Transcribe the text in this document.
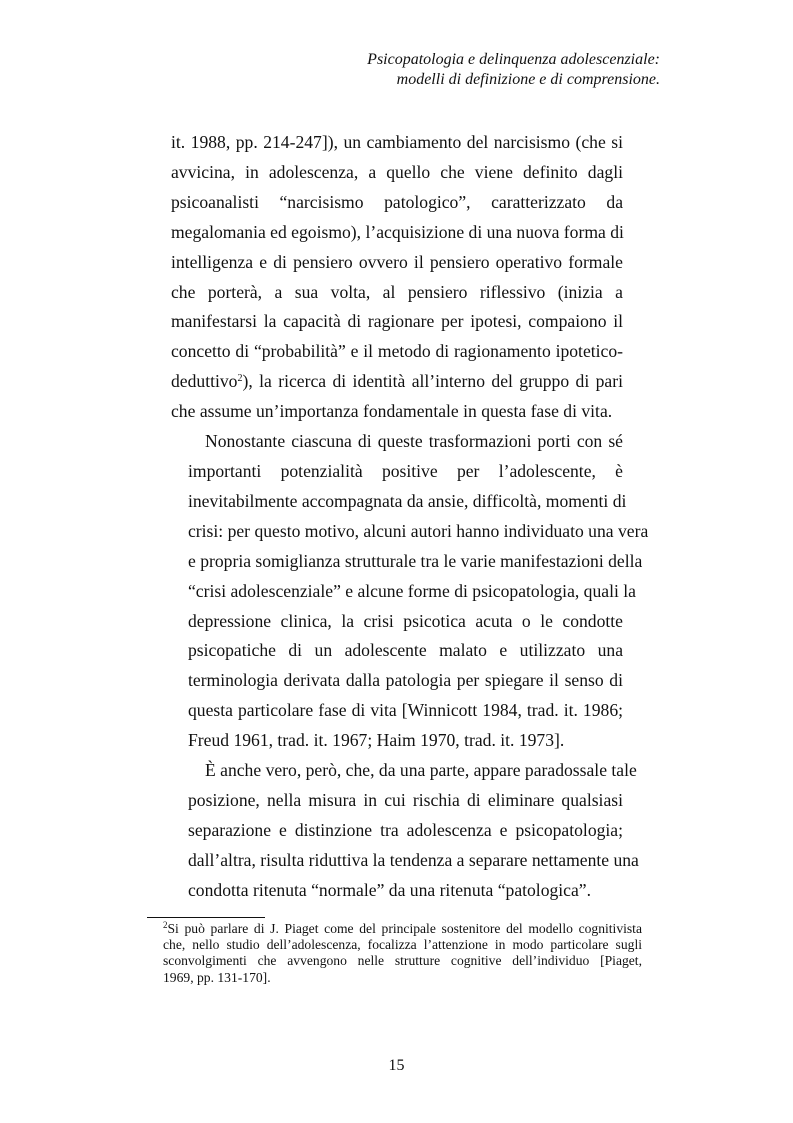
Psicopatologia e delinquenza adolescenziale:
modelli di definizione e di comprensione.

it. 1988, pp. 214-247]), un cambiamento del narcisismo (che si
avvicina, in adolescenza, a quello che viene definito dagli
psicoanalisti “narcisismo patologico”, caratterizzato da
megalomania ed egoismo), l’acquisizione di una nuova forma di
intelligenza e di pensiero ovvero il pensiero operativo formale
che porterà, a sua volta, al pensiero riflessivo (inizia a
manifestarsi la capacità di ragionare per ipotesi, compaiono il
concetto di “probabilità” e il metodo di ragionamento ipotetico-
deduttivo$^2$), la ricerca di identità all’interno del gruppo di pari
che assume un’importanza fondamentale in questa fase di vita.

Nonostante ciascuna di queste trasformazioni porti con sé
importanti potenzialità positive per l’adolescente, è
inevitabilmente accompagnata da ansie, difficoltà, momenti di
crisi: per questo motivo, alcuni autori hanno individuato una vera
e propria somiglianza strutturale tra le varie manifestazioni della
“crisi adolescenziale” e alcune forme di psicopatologia, quali la
depressione clinica, la crisi psicotica acuta o le condotte
psicopatiche di un adolescente malato e utilizzato una
terminologia derivata dalla patologia per spiegare il senso di
questa particolare fase di vita [Winnicott 1984, trad. it. 1986;
Freud 1961, trad. it. 1967; Haim 1970, trad. it. 1973].

È anche vero, però, che, da una parte, appare paradossale tale
posizione, nella misura in cui rischia di eliminare qualsiasi
separazione e distinzione tra adolescenza e psicopatologia;
dall’altra, risulta riduttiva la tendenza a separare nettamente una
condotta ritenuta “normale” da una ritenuta “patologica”.

$^2$Si può parlare di J. Piaget come del principale sostenitore del modello cognitivista
che, nello studio dell’adolescenza, focalizza l’attenzione in modo particolare sugli
sconvolgimenti che avvengono nelle strutture cognitive dell’individuo [Piaget,
1969, pp. 131-170].
15
